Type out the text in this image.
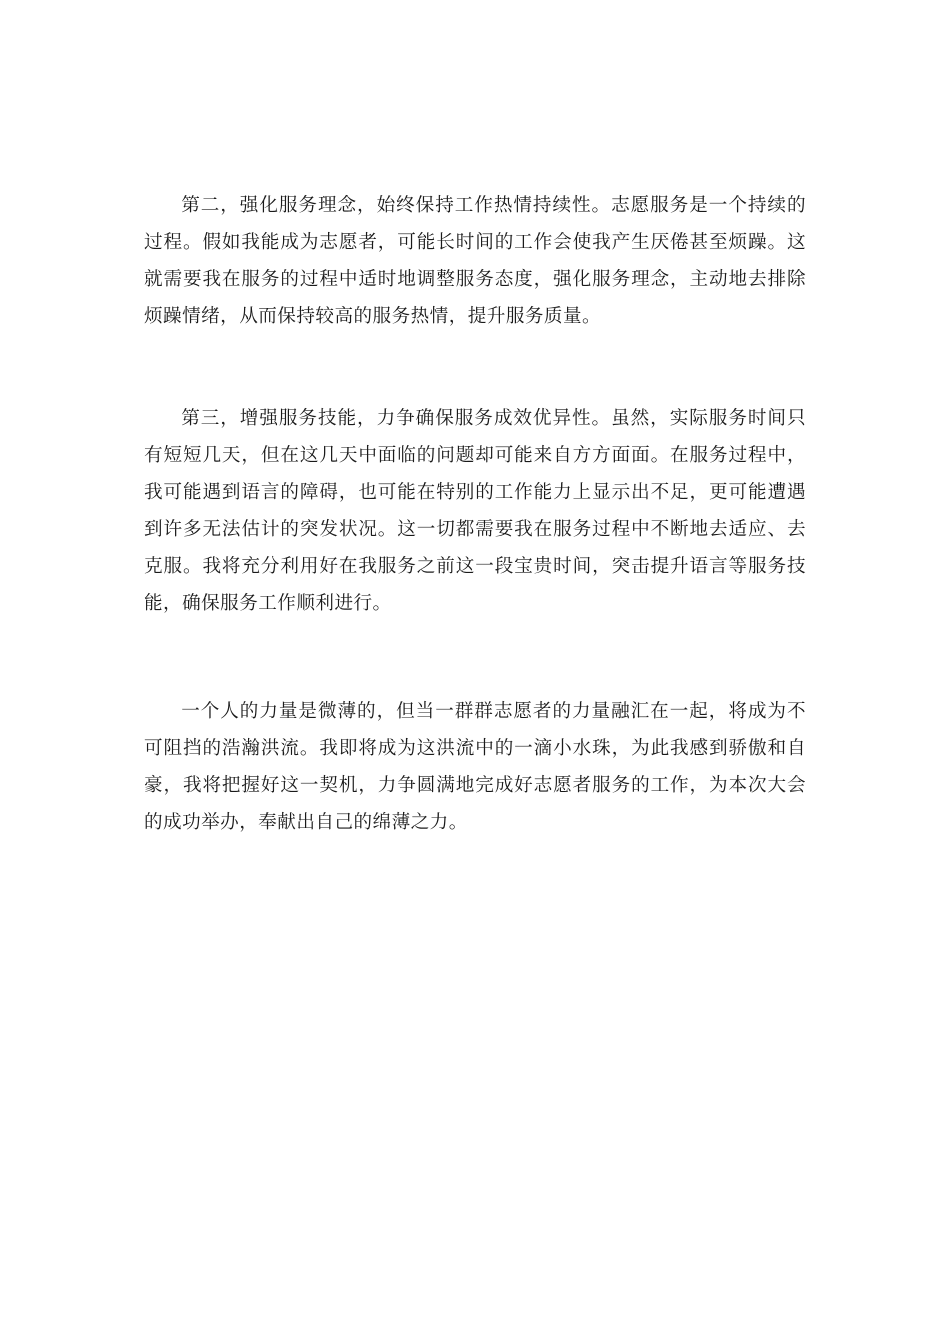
第二，强化服务理念，始终保持工作热情持续性。志愿服务是一个持续的过程。假如我能成为志愿者，可能长时间的工作会使我产生厌倦甚至烦躁。这就需要我在服务的过程中适时地调整服务态度，强化服务理念，主动地去排除烦躁情绪，从而保持较高的服务热情，提升服务质量。

第三，增强服务技能，力争确保服务成效优异性。虽然，实际服务时间只有短短几天，但在这几天中面临的问题却可能来自方方面面。在服务过程中，我可能遇到语言的障碍，也可能在特别的工作能力上显示出不足，更可能遭遇到许多无法估计的突发状况。这一切都需要我在服务过程中不断地去适应、去克服。我将充分利用好在我服务之前这一段宝贵时间，突击提升语言等服务技能，确保服务工作顺利进行。

一个人的力量是微薄的，但当一群群志愿者的力量融汇在一起，将成为不可阻挡的浩瀚洪流。我即将成为这洪流中的一滴小水珠，为此我感到骄傲和自豪，我将把握好这一契机，力争圆满地完成好志愿者服务的工作，为本次大会的成功举办，奉献出自己的绵薄之力。
